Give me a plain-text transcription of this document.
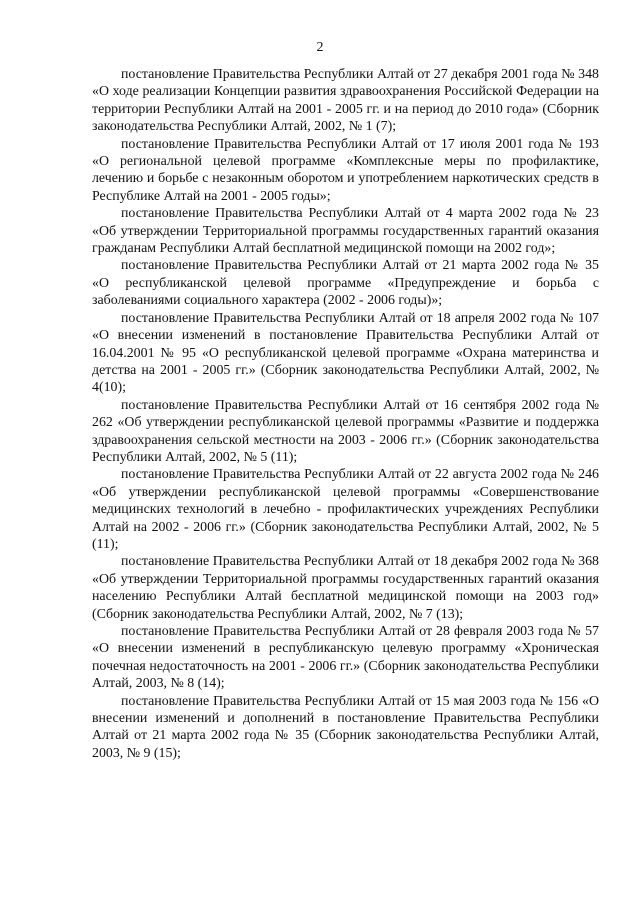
2

постановление Правительства Республики Алтай от 27 декабря 2001 года № 348 «О ходе реализации Концепции развития здравоохранения Российской Федерации на территории Республики Алтай на 2001 - 2005 гг. и на период до 2010 года» (Сборник законодательства Республики Алтай, 2002, № 1 (7);

постановление Правительства Республики Алтай от 17 июля 2001 года № 193 «О региональной целевой программе «Комплексные меры по профилактике, лечению и борьбе с незаконным оборотом и употреблением наркотических средств в Республике Алтай на 2001 - 2005 годы»;

постановление Правительства Республики Алтай от 4 марта 2002 года № 23 «Об утверждении Территориальной программы государственных гарантий оказания гражданам Республики Алтай бесплатной медицинской помощи на 2002 год»;

постановление Правительства Республики Алтай от 21 марта 2002 года № 35 «О республиканской целевой программе «Предупреждение и борьба с заболеваниями социального характера (2002 - 2006 годы)»;

постановление Правительства Республики Алтай от 18 апреля 2002 года № 107 «О внесении изменений в постановление Правительства Республики Алтай от 16.04.2001 № 95 «О республиканской целевой программе «Охрана материнства и детства на 2001 - 2005 гг.» (Сборник законодательства Республики Алтай, 2002, № 4(10);

постановление Правительства Республики Алтай от 16 сентября 2002 года № 262 «Об утверждении республиканской целевой программы «Развитие и поддержка здравоохранения сельской местности на 2003 - 2006 гг.» (Сборник законодательства Республики Алтай, 2002, № 5 (11);

постановление Правительства Республики Алтай от 22 августа 2002 года № 246 «Об утверждении республиканской целевой программы «Совершенствование медицинских технологий в лечебно - профилактических учреждениях Республики Алтай на 2002 - 2006 гг.» (Сборник законодательства Республики Алтай, 2002, № 5 (11);

постановление Правительства Республики Алтай от 18 декабря 2002 года № 368 «Об утверждении Территориальной программы государственных гарантий оказания населению Республики Алтай бесплатной медицинской помощи на 2003 год» (Сборник законодательства Республики Алтай, 2002, № 7 (13);

постановление Правительства Республики Алтай от 28 февраля 2003 года № 57 «О внесении изменений в республиканскую целевую программу «Хроническая почечная недостаточность на 2001 - 2006 гг.» (Сборник законодательства Республики Алтай, 2003, № 8 (14);

постановление Правительства Республики Алтай от 15 мая 2003 года № 156 «О внесении изменений и дополнений в постановление Правительства Республики Алтай от 21 марта 2002 года № 35 (Сборник законодательства Республики Алтай, 2003, № 9 (15);
